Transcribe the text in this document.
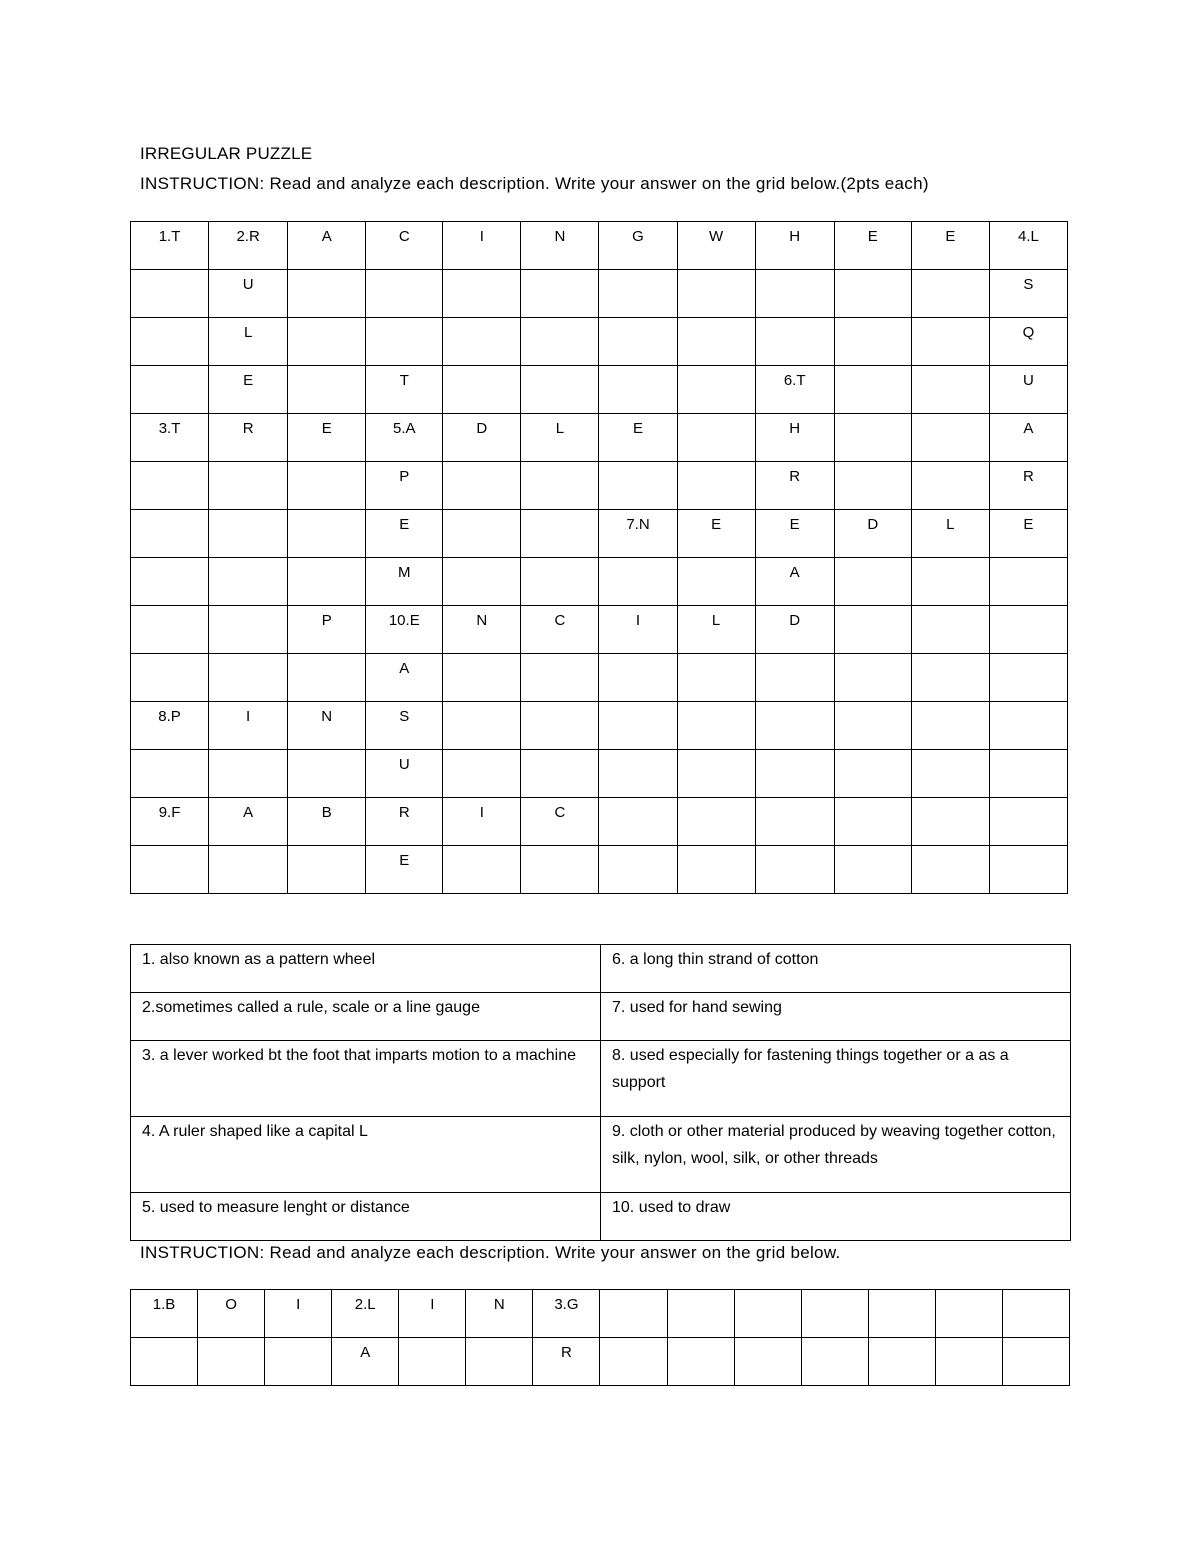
IRREGULAR PUZZLE
INSTRUCTION: Read and analyze each description. Write your answer on the grid below.(2pts each)
1.T	2.R	A	C	I	N	G	W	H	E	E	4.L

	U										S

	L										Q

	E		T					6.T			U

3.T	R	E	5.A	D	L	E		H			A

			P					R			R

			E			7.N	E	E	D	L	E

			M					A			

		P	10.E	N	C	I	L	D			

			A								

8.P	I	N	S								

			U								

9.F	A	B	R	I	C						

			E								

1. also known as a pattern wheel	6. a long thin strand of cotton
2.sometimes called a rule, scale or a line gauge	7. used for hand sewing
3. a lever worked bt the foot that imparts motion to a machine	8. used especially for fastening things together or a as a support
4. A ruler shaped like a capital L	9. cloth or other material produced by weaving together cotton, silk, nylon, wool, silk, or other threads
5. used to measure lenght or distance	10. used to draw
INSTRUCTION: Read and analyze each description. Write your answer on the grid below.
1.B	O	I	2.L	I	N	3.G							

			A			R							
